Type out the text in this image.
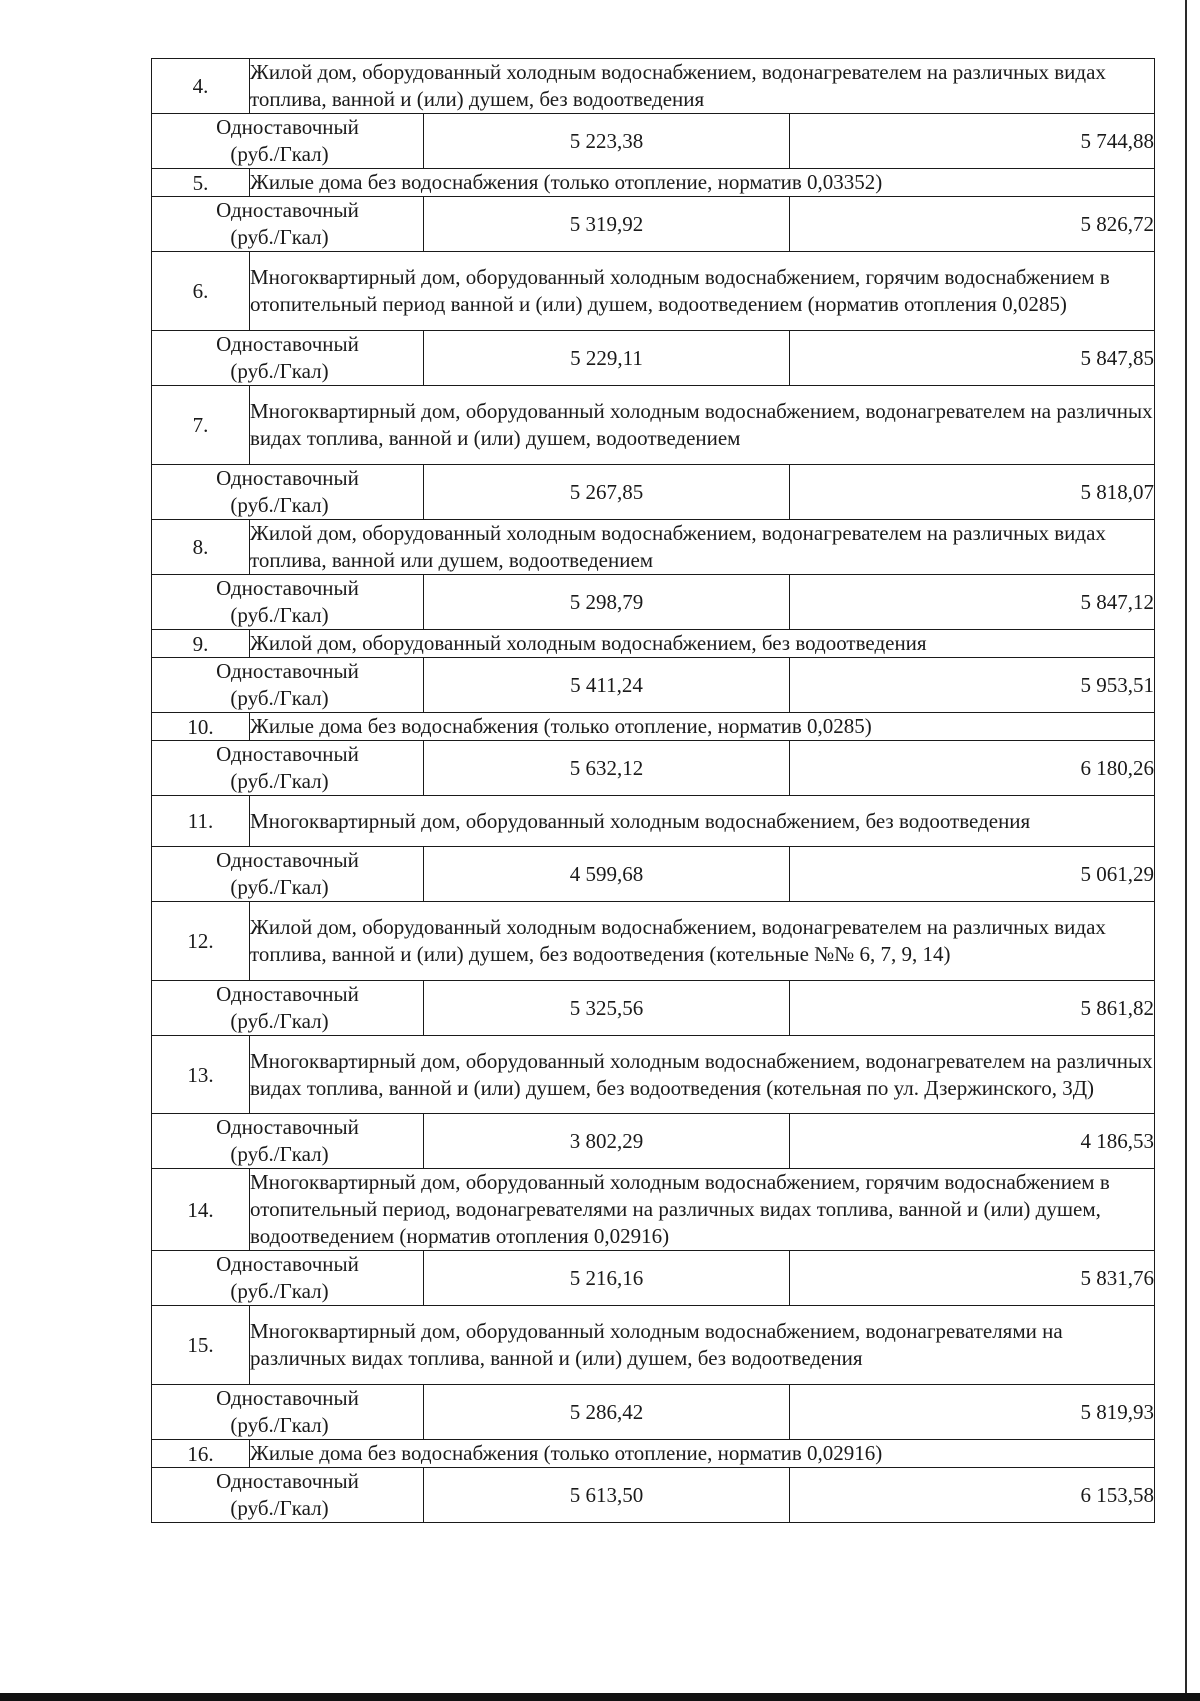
4.	Жилой дом, оборудованный холодным водоснабжением, водонагревателем на различных видах топлива, ванной и (или) душем, без водоотведения		

Одноставочный
(руб./Гкал)		5 223,38	5 744,88
5.	Жилые дома без водоснабжения (только отопление, норматив 0,03352)		

Одноставочный
(руб./Гкал)		5 319,92	5 826,72
6.	Многоквартирный дом, оборудованный холодным водоснабжением, горячим водоснабжением в отопительный период ванной и (или) душем, водоотведением (норматив отопления 0,0285)		

Одноставочный
(руб./Гкал)		5 229,11	5 847,85
7.	Многоквартирный дом, оборудованный холодным водоснабжением, водонагревателем на различных видах топлива, ванной и (или) душем, водоотведением		

Одноставочный
(руб./Гкал)		5 267,85	5 818,07
8.	Жилой дом, оборудованный холодным водоснабжением, водонагревателем на различных видах топлива, ванной или душем, водоотведением		

Одноставочный
(руб./Гкал)		5 298,79	5 847,12
9.	Жилой дом, оборудованный холодным водоснабжением, без водоотведения		

Одноставочный
(руб./Гкал)		5 411,24	5 953,51
10.	Жилые дома без водоснабжения (только отопление, норматив 0,0285)		

Одноставочный
(руб./Гкал)		5 632,12	6 180,26
11.	Многоквартирный дом, оборудованный холодным водоснабжением, без водоотведения		

Одноставочный
(руб./Гкал)		4 599,68	5 061,29
12.	Жилой дом, оборудованный холодным водоснабжением, водонагревателем на различных видах топлива, ванной и (или) душем, без водоотведения (котельные №№ 6, 7, 9, 14)		

Одноставочный
(руб./Гкал)		5 325,56	5 861,82
13.	Многоквартирный дом, оборудованный холодным водоснабжением, водонагревателем на различных видах топлива, ванной и (или) душем, без водоотведения (котельная по ул. Дзержинского, 3Д)		

Одноставочный
(руб./Гкал)		3 802,29	4 186,53
14.	Многоквартирный дом, оборудованный холодным водоснабжением, горячим водоснабжением в отопительный период, водонагревателями на различных видах топлива, ванной и (или) душем, водоотведением (норматив отопления 0,02916)		

Одноставочный
(руб./Гкал)		5 216,16	5 831,76
15.	Многоквартирный дом, оборудованный холодным водоснабжением, водонагревателями на различных видах топлива, ванной и (или) душем, без водоотведения		

Одноставочный
(руб./Гкал)		5 286,42	5 819,93
16.	Жилые дома без водоснабжения (только отопление, норматив 0,02916)		

Одноставочный
(руб./Гкал)		5 613,50	6 153,58
